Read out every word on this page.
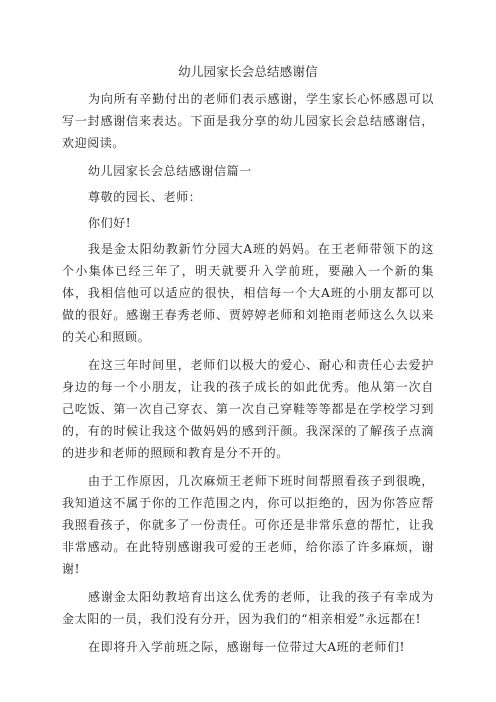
幼儿园家长会总结感谢信

为向所有辛勤付出的老师们表示感谢，学生家长心怀感恩可以写一封感谢信来表达。下面是我分享的幼儿园家长会总结感谢信，欢迎阅读。

幼儿园家长会总结感谢信篇一

尊敬的园长、老师：

你们好!

我是金太阳幼教新竹分园大A班的妈妈。在王老师带领下的这个小集体已经三年了，明天就要升入学前班，要融入一个新的集体，我相信他可以适应的很快，相信每一个大A班的小朋友都可以做的很好。感谢王春秀老师、贾婷婷老师和刘艳雨老师这么久以来的关心和照顾。

在这三年时间里，老师们以极大的爱心、耐心和责任心去爱护身边的每一个小朋友，让我的孩子成长的如此优秀。他从第一次自己吃饭、第一次自己穿衣、第一次自己穿鞋等等都是在学校学习到的，有的时候让我这个做妈妈的感到汗颜。我深深的了解孩子点滴的进步和老师的照顾和教育是分不开的。

由于工作原因，几次麻烦王老师下班时间帮照看孩子到很晚，我知道这不属于你的工作范围之内，你可以拒绝的，因为你答应帮我照看孩子，你就多了一份责任。可你还是非常乐意的帮忙，让我非常感动。在此特别感谢我可爱的王老师，给你添了许多麻烦，谢谢!

感谢金太阳幼教培育出这么优秀的老师，让我的孩子有幸成为金太阳的一员，我们没有分开，因为我们的“相亲相爱”永远都在!

在即将升入学前班之际，感谢每一位带过大A班的老师们!
